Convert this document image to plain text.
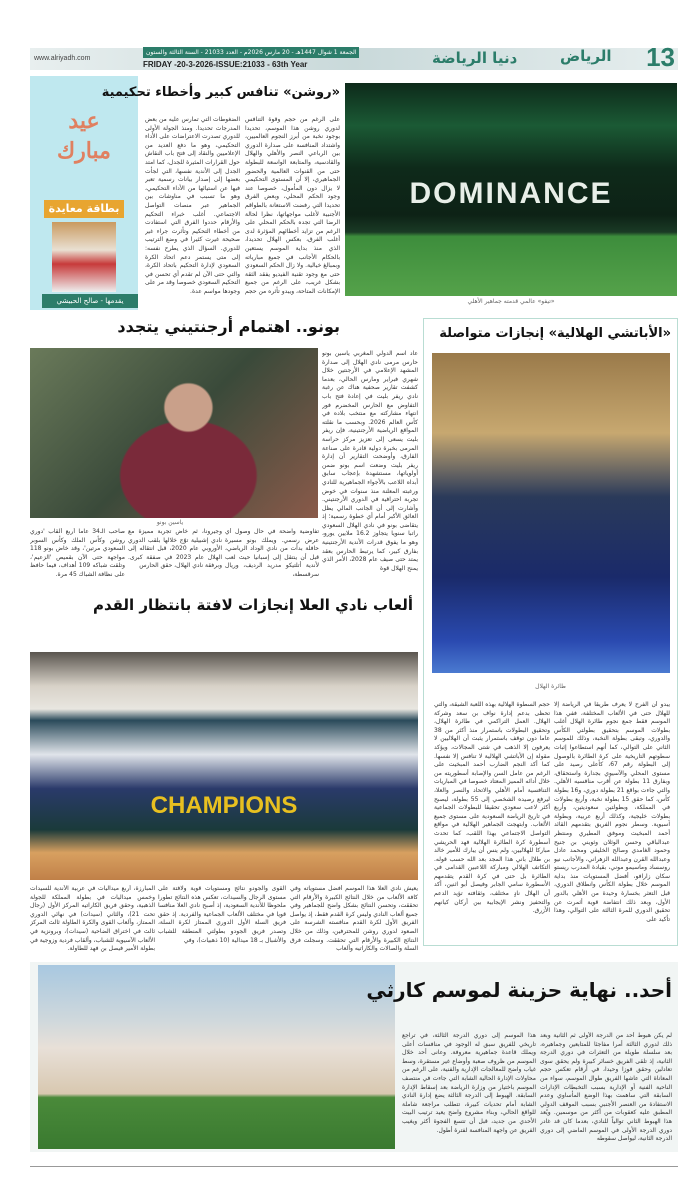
13
الرياض
دنيا الرياضة
الجمعة 1 شوال 1447هـ - 20 مارس 2026م - العدد 21033 - السنة الثالثة والستون
FRIDAY -20-3-2026-ISSUE:21033 - 63th Year
www.alriyadh.com
عيد مبارك
بطاقة معايدة
يقدمها - صالح الحبيشي
«روشن» تنافس كبير وأخطاء تحكيمية
على الرغم من حجم وقوة التنافس لدوري روشن هذا الموسم، تحديدا بوجود نخبة من أبرز النجوم العالميين، واشتداد المنافسة على صدارة الدوري بين الرباعي النصر والأهلي والهلال والقادسية، والمتابعة الواسعة للبطولة حتى من القنوات العالمية والحضور الجماهيري، إلا أن المستوى التحكيمي لا يزال دون المأمول، خصوصا عند وجود الحكم المحلي، وبعض الفرق تحديدا التي رفضت الاستعانة بالطواقم الأجنبية لأغلب مواجهاتها، نظرا لحالة الرضا التي تجده بالحكم المحلي على الرغم من تزايد أخطائهم المؤثرة لدى أغلب الفرق، بعكس الهلال تحديدا، الذي منذ بداية الموسم يستعين بالحكام الأجانب في جميع مبارياته وبمبالغ خيالية. ولا زال الحكم السعودي حتى مع وجود تقنية الفيديو يفقد الثقة بشكل غريب، على الرغم من جميع الإمكانات المتاحة، ويبدو تأثره من حجم
الضغوطات التي تمارس عليه من بعض المدرجات تحديدا. ومنذ الجولة الأولى للدوري تصدرت الاعتراضات على الأداء التحكيمي، وهو ما دفع العديد من الإعلاميين والنقاد إلى فتح باب النقاش حول القرارات المثيرة للجدل، كما امتد الجدل إلى الأندية نفسها، التي لجأت بعضها إلى إصدار بيانات رسمية تعبر فيها عن استيائها من الأداء التحكيمي، وهو ما تسبب في مناوشات بين الجماهير عبر منصات التواصل الاجتماعي. أغلب خبراء التحكيم والأرقام حددوا الفرق التي استفادت من أخطاء التحكيم وتأثرت جراء غير صحيحة غيرت كثيرا في وضع الترتيب للدوري. السؤال الذي يطرح نفسه: إلى متى يستمر دعم اتحاد الكرة السعودي لإدارة التحكيم باتحاد الكرة، والتي حتى الآن لم تقدم أي تحسن في التحكيم السعودي خصوصا وقد مر على وجودها مواسم عدة.
DOMINANCE
«تيفو» عالمي قدمته جماهير الأهلي
بونو.. اهتمام أرجنتيني يتجدد
ياسين بونو
عاد اسم الدولي المغربي ياسين بونو حارس مرمى نادي الهلال إلى صدارة المشهد الإعلامي في الأرجنتين خلال شهري فبراير ومارس الحالي، بعدما كشفت تقارير صحفية هناك عن رغبة نادي ريفر بليت في إعادة فتح باب التفاوض مع الحارس المخضرم فور انتهاء مشاركته مع منتخب بلاده في كأس العالم 2026. وبحسب ما نقلته المواقع الرياضية الأرجنتينية، فإن ريفر بليت يسعى إلى تعزيز مركز حراسة المرمى بخبرة دولية قادرة على صناعة الفارق، وأوضحت التقارير أن إدارة ريفر بليت وضعت اسم بونو ضمن أولوياتها، مستشهدة بإعجاب سابق أبداه اللاعب بالأجواء الجماهيرية للنادي ورغبته المعلنة منذ سنوات في خوض تجربة احترافية في الدوري الأرجنتيني. وأشارت إلى أن الجانب المالي يظل العائق الأكبر أمام أي خطوة رسمية؛ إذ يتقاضى بونو في نادي الهلال السعودي راتبا سنويا يتجاوز 16.2 ملايين يورو، وهو ما يفوق قدرات الأندية الأرجنتينية بفارق كبير، كما يرتبط الحارس بعقد يمتد حتى صيف عام 2028، الأمر الذي يمنح الهلال قوة
تفاوضية واضحة في حال وصول أي عرض رسمي. ويملك بونو مسيرة حافلة بدأت من نادي الوداد الرياضي، قبل أن ينتقل إلى إسبانيا حيث لعب لأندية أتلتيكو مدريد الرديف، وريال سرقسطة،
وجيرونا، ثم خاض تجربة مميزة مع نادي إشبيلية توّج خلالها بلقب الدوري الأوروبي عام 2020، قبل انتقاله إلى الهلال عام 2023 في صفقة كبرى. وبرفقة نادي الهلال، حقق الحارس
صاحب الـ34 عاما أربع ألقاب 'دوري روشن وكأس الملك وكأس السوبر السعودي مرتين'، وقد خاض بونو 118 مواجهة حتى الآن بقميص 'الزعيم'، وتلقت شباكه 109 أهداف، فيما حافظ على نظافة الشباك 45 مرة.
ألعاب نادي العلا إنجازات لافتة بانتظار القدم
CHAMPIONS
يعيش نادي العلا هذا الموسم أفضل مستوياته وفي كافة الألعاب من خلال النتائج الكبيرة والأرقام التي تحققت، وتحسن النتائج بشكل واضح للجماهير وفي جميع ألعاب النادي وليس كرة القدم فقط، إذ يواصل الفريق الأول لكرة القدم منافسته الشرسة على الصعود لدوري روشن للمحترفين، وذلك من خلال النتائج الكبيرة والأرقام التي تحققت. وسجلت فرق السلة والصالات والكاراتيه وألعاب
القوى والجودو نتائج ومستويات قوية ولافتة على مستوى الرجال والسيدات، تعكس هذه النتائج تطورا ملحوظا للأندية السعودية، إذ أصبح نادي العلا منافسا قويا في مختلف الألعاب الجماعية والفردية. إذ حقق فريق السلة الأول الدوري الممتاز لكرة السلة، وتصدر فريق الجودو بطولتي المنطقة للشباب والأشبال بـ 18 ميدالية (10 ذهبيات)، وفي
المبارزة، أربع ميداليات في عربية الأندية للسيدات وخمس ميداليات في بطولة المملكة للجولة الذهبية، وحقق فريق الكاراتيه المركز الأول (رجال تحت 21)، والثاني (سيدات) في نهائي الدوري الممتاز، وألعاب القوى والكرة الطاولة ثالث المركز ثالث في اختراق الضاحية (سيدات)، وبرونزية في الألعاب الآسيوية للشباب، وألقاب فردية وزوجية في بطولة الأمير فيصل بن فهد للطاولة.
«الأباتشي الهلالية» إنجازات متواصلة
طائرة الهلال
يبدو أن الفرح لا يعرف طريقا في الرياضة إلا للهلال حتى في الألعاب المختلفة، ففي هذا الموسم فقط جمع نجوم طائرة الهلال أغلب بطولات الموسم بتحقيق بطولتي الكأس والدوري، وتبقى بطولة النخبة، وذلك للموسم الثاني على التوالي، كما أنهم استطاعوا إثبات سطوتهم التاريخية على كرة الطائرة بالوصول إلى البطولة رقم 67، كأعلى رصيد على مستوى المحلي والآسيوي بجدارة واستحقاق، وبفارق 11 بطولة عن أقرب منافسيه الأهلي. والتي جاءت بواقع 21 بطولة دوري، و16 بطولة كأس، كما حقق 15 بطولة نخبة، وأربع بطولات في المملكة، وبطولتين سعوديتين، وأربع بطولات خليجية، وكذلك أربع عربية، وبطولة آسيوية. وسطر نجوم الفريق بتقدمهم القائد أحمد المبخيت وموفق المطيري ومنتظر عبدالباقي وحسن الوثلان وثويني بن جنيح وحمود الغامدي وصالح الخليفي ومحمد عادل وعبدالله القرن وعبدالله الزهراني، والأجانب نيو روسساد وماسيمو موني، بقيادة المدرب ريستو سكان زارافو، أفضل المستويات منذ بداية الموسم خلال بطولة الكأس وانطلاق الدوري، قبل التعثر بخسارة وحيدة من الأهلي بالدور الأول، وبعد ذلك انتفاضة قوية أثمرت عن تحقيق الدوري للمرة الثالثة على التوالي، وهذا تأكيد على
حجم السطوة الهلالية بهذه اللعبة الشيقة، والتي تحظى بدعم إدارة نواف بن سعد وشركة الهلال. العمل التراكمي في طائرة الهلال، وتحقيق البطولات باستمرار منذ أكثر من 38 عاما دون توقف باستمرار يثبت أن الهلاليين لا يعرفون إلا الذهب في شتى المجالات، ويؤكد مقولة إن الأباتشي الهلالية لا تنافس إلا نفسها. كما أكد النجم الضارب أحمد المبخيت على الرغم من عامل السن والإصابة أسطوريته من خلال أدائه المميز المعتاد خصوصا في المباريات التنافسية أمام الأهلي والاتحاد والنصر والعلا، ليرفع رصيده الشخصي إلى 55 بطولة، ليصبح أكثر لاعب سعودي تحقيقا للبطولات الجماعية في تاريخ الرياضة السعودية على مستوى جميع الألعاب. وابتهجت الجماهير الهلالية في مواقع التواصل الاجتماعي بهذا اللقب، كما تحدث أسطورة كرة الطائرة الهلالية فهد الحريشي مباركا للهلاليين، ولم ينس أن يبارك للأمير خالد بن طلال باني هذا المجد بعد الله حسب قوله. التكاتف الهلالي ومباركة اللاعبين القدامى في الطائرة بل حتى في كرة القدم يتقدمهم الأسطورة سامي الجابر وفيصل أبو اثنين، أكد أن الهلال نادٍ مختلف، وثقافته تؤيد الدعم والتحفيز ونشر الإيجابية بين أركان كيانهم الأزرق.
أحد.. نهاية حزينة لموسم كارثي
لم يكن هبوط أحد من الدرجة الأولى ثم الثانية وبعد ذلك لدوري الثالثة أمرا مفاجئا للمتابعين وجماهيره، بعد سلسلة طويلة من التعثرات في دوري الدرجة الثانية، إذ تلقى الفريق خسائر كبيرة ولم يحقق سوى تعادلين وحقق فوزا وحيدا، في أرقام تعكس حجم المعاناة التي عاشها الفريق طوال الموسم، سواء من الناحية الفنية أو الإدارية بسبب التخبطات الإدارات السابقة التي ساهمت بهذا الوضع المأساوي وعدم الاستفادة من العنصر الأجنبي بسبب الموقف الدولي المطبق عليه كعقوبات من أكثر من موسمين. ويُعد هذا الهبوط الثاني توالياً للنادي، بعدما كان قد غادر دوري الدرجة الأولى في الموسم الماضي إلى دوري الدرجة الثانية، ليواصل سقوطه
هذا الموسم إلى دوري الدرجة الثالثة، في تراجع تاريخي للفريق سبق له الوجود في منافسات أعلى ويملك قاعدة جماهيرية معروفة. وعانى أحد خلال الموسم من ظروف صعبة وأوضاع غير مستقرة، وسط غياب واضح للمعالجات الإدارية والفنية، على الرغم من محاولات الإدارة الحالية الشابة التي جاءت في منتصف الموسم باختيار من وزارة الرياضة بعد إسقاط الإدارة السابقة. الهبوط إلى الدرجة الثالثة يضع إدارة النادي الشابة أمام تحديات كبيرة، تتطلب مراجعة شاملة للواقع الحالي، وبناء مشروع واضح يعيد ترتيب البيت الأحدي من جديد، قبل أن تتسع الفجوة أكثر ويغيب الفريق عن واجهة المنافسة لفترة أطول.
